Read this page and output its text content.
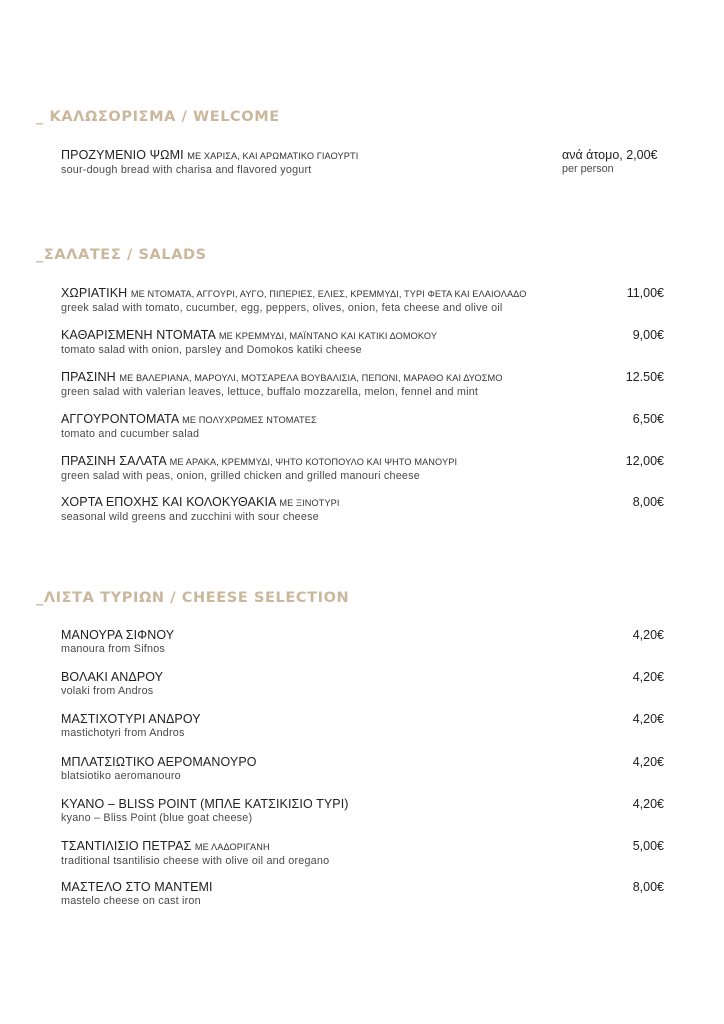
_ ΚΑΛΩΣΟΡΙΣΜΑ / WELCOME
ΠΡΟΖΥΜΕΝΙΟ ΨΩΜΙ ΜΕ ΧΑΡΙΣΑ, ΚΑΙ ΑΡΩΜΑΤΙΚΟ ΓΙΑΟΥΡΤΙ
sour-dough bread with charisa and flavored yogurt
ανά άτομο, 2,00€
per person
_ΣΑΛΑΤΕΣ / SALADS
ΧΩΡΙΑΤΙΚΗ ΜΕ ΝΤΟΜΑΤΑ, ΑΓΓΟΥΡΙ, ΑΥΓΟ, ΠΙΠΕΡΙΕΣ, ΕΛΙΕΣ, ΚΡΕΜΜΥΔΙ, ΤΥΡΙ ΦΕΤΑ ΚΑΙ ΕΛΑΙΟΛΑΔΟ
greek salad with tomato, cucumber, egg, peppers, olives, onion, feta cheese and olive oil
11,00€
ΚΑΘΑΡΙΣΜΕΝΗ ΝΤΟΜΑΤΑ ΜΕ ΚΡΕΜΜΥΔΙ, ΜΑΪΝΤΑΝΟ ΚΑΙ ΚΑΤΙΚΙ ΔΟΜΟΚΟΥ
tomato salad with onion, parsley and Domokos katiki cheese
9,00€
ΠΡΑΣΙΝΗ ΜΕ ΒΑΛΕΡΙΑΝΑ, ΜΑΡΟΥΛΙ, ΜΟΤΣΑΡΕΛΑ ΒΟΥΒΑΛΙΣΙΑ, ΠΕΠΟΝΙ, ΜΑΡΑΘΟ ΚΑΙ ΔΥΟΣΜΟ
green salad with valerian leaves, lettuce, buffalo mozzarella, melon, fennel and mint
12.50€
ΑΓΓΟΥΡΟΝΤΟΜΑΤΑ ΜΕ ΠΟΛΥΧΡΩΜΕΣ ΝΤΟΜΑΤΕΣ
tomato and cucumber salad
6,50€
ΠΡΑΣΙΝΗ ΣΑΛΑΤΑ ΜΕ ΑΡΑΚΑ, ΚΡΕΜΜΥΔΙ, ΨΗΤΟ ΚΟΤΟΠΟΥΛΟ ΚΑΙ ΨΗΤΟ ΜΑΝΟΥΡΙ
green salad with peas, onion, grilled chicken and grilled manouri cheese
12,00€
ΧΟΡΤΑ ΕΠΟΧΗΣ ΚΑΙ ΚΟΛΟΚΥΘΑΚΙΑ ΜΕ ΞΙΝΟΤΥΡΙ
seasonal wild greens and zucchini with sour cheese
8,00€
_ΛΙΣΤΑ ΤΥΡΙΩΝ / CHEESE SELECTION
ΜΑΝΟΥΡΑ ΣΙΦΝΟΥ
manoura from Sifnos
4,20€
ΒΟΛΑΚΙ ΑΝΔΡΟΥ
volaki from Andros
4,20€
ΜΑΣΤΙΧΟΤΥΡΙ ΑΝΔΡΟΥ
mastichotyri from Andros
4,20€
ΜΠΛΑΤΣΙΩΤΙΚΟ ΑΕΡΟΜΑΝΟΥΡΟ
blatsiotiko aeromanouro
4,20€
ΚΥΑΝΟ – BLISS POINT (ΜΠΛΕ ΚΑΤΣΙΚΙΣΙΟ ΤΥΡΙ)
kyano – Bliss Point (blue goat cheese)
4,20€
ΤΣΑΝΤΙΛΙΣΙΟ ΠΕΤΡΑΣ ΜΕ ΛΑΔΟΡΙΓΑΝΗ
traditional tsantilisio cheese with olive oil and oregano
5,00€
ΜΑΣΤΕΛΟ ΣΤΟ ΜΑΝΤΕΜΙ
mastelo cheese on cast iron
8,00€
